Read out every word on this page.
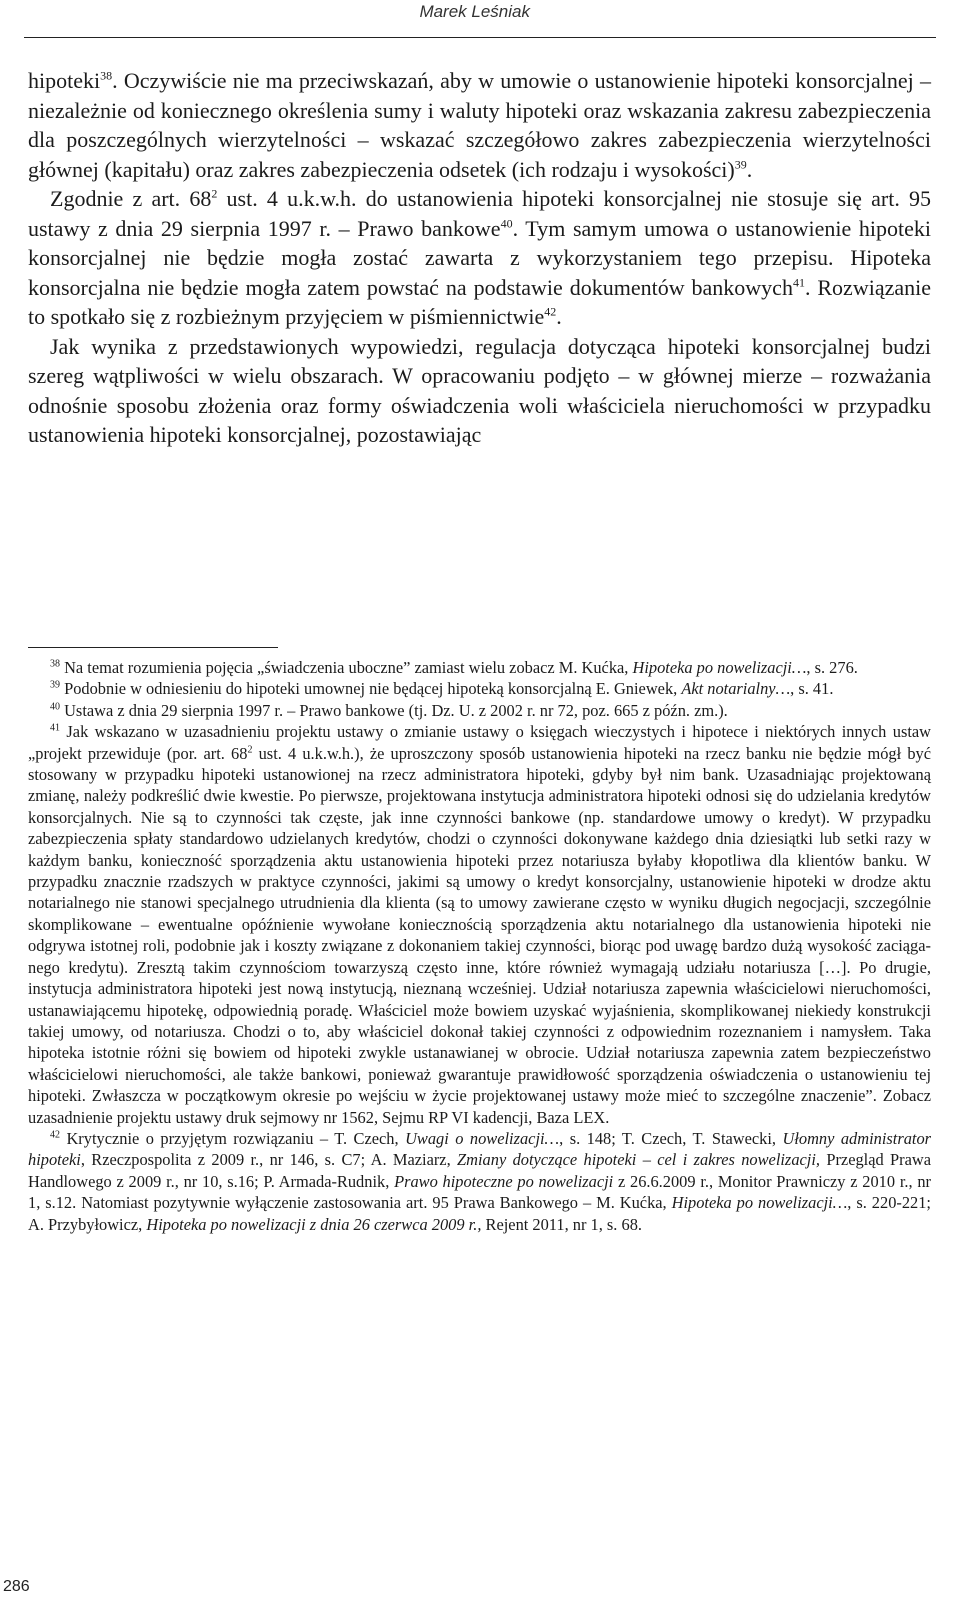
Marek Leśniak

hipoteki$^{38}$. Oczywiście nie ma przeciwskazań, aby w umowie o ustanowienie hipoteki konsorcjalnej – niezależnie od koniecznego określenia sumy i waluty hipoteki oraz wskazania zakresu zabezpieczenia dla poszczególnych wierzytelności – wskazać szczegółowo zakres zabezpieczenia wierzytelności głównej (kapitału) oraz zakres zabezpieczenia odsetek (ich rodzaju i wysokości)$^{39}$.

Zgodnie z art. $68^2$ ust. 4 u.k.w.h. do ustanowienia hipoteki konsorcjalnej nie stosuje się art. 95 ustawy z dnia 29 sierpnia 1997 r. – Prawo bankowe$^{40}$. Tym samym umowa o ustanowienie hipoteki konsorcjalnej nie będzie mogła zostać zawarta z wykorzystaniem tego przepisu. Hipoteka konsorcjalna nie będzie mogła zatem powstać na podstawie dokumentów bankowych$^{41}$. Rozwiązanie to spotkało się z rozbieżnym przyjęciem w piśmiennictwie$^{42}$.

Jak wynika z przedstawionych wypowiedzi, regulacja dotycząca hipoteki konsorcjalnej budzi szereg wątpliwości w wielu obszarach. W opracowaniu podjęto – w głównej mierze – rozważania odnośnie sposobu złożenia oraz formy oświadczenia woli właściciela nieruchomości w przypadku ustanowienia hipoteki konsorcjalnej, pozostawiając

$^{38}$ Na temat rozumienia pojęcia „świadczenia uboczne” zamiast wielu zobacz M. Kućka, Hipoteka po nowelizacji…, s. 276.

$^{39}$ Podobnie w odniesieniu do hipoteki umownej nie będącej hipoteką konsorcjalną E. Gniewek, Akt notarialny…, s. 41.

$^{40}$ Ustawa z dnia 29 sierpnia 1997 r. – Prawo bankowe (tj. Dz. U. z 2002 r. nr 72, poz. 665 z późn. zm.).

$^{41}$ Jak wskazano w uzasadnieniu projektu ustawy o zmianie ustawy o księgach wieczystych i hipotece i niektórych innych ustaw „projekt przewiduje (por. art. $68^2$ ust. 4 u.k.w.h.), że uproszczony sposób ustanowienia hipoteki na rzecz banku nie będzie mógł być stosowany w przypadku hipoteki ustanowionej na rzecz administratora hipoteki, gdyby był nim bank. Uzasadniając projektowaną zmianę, należy podkreślić dwie kwestie. Po pierwsze, projektowana instytucja administratora hipoteki odnosi się do udzielania kredytów konsorcjalnych. Nie są to czynności tak częste, jak inne czynności bankowe (np. standardowe umowy o kredyt). W przypadku zabezpieczenia spłaty standardowo udzielanych kredytów, chodzi o czynności dokonywane każdego dnia dziesiątki lub setki razy w każdym banku, konieczność sporządzenia aktu ustanowienia hipoteki przez notariusza byłaby kłopotliwa dla klientów banku. W przypadku znacznie rzadszych w praktyce czynności, jakimi są umowy o kredyt konsorcjalny, ustanowienie hipoteki w drodze aktu notarialnego nie stanowi specjalnego utrudnienia dla klienta (są to umowy zawierane często w wyniku długich negocjacji, szczególnie skomplikowane – ewentualne opóźnienie wywołane koniecznością sporządzenia aktu notarialnego dla ustanowienia hipoteki nie odgrywa istotnej roli, podobnie jak i koszty związane z dokonaniem takiej czynności, biorąc pod uwagę bardzo dużą wysokość zaciąganego kredytu). Zresztą takim czynnościom towarzyszą często inne, które również wymagają udziału notariusza […]. Po drugie, instytucja administratora hipoteki jest nową instytucją, nieznaną wcześniej. Udział notariusza zapewnia właścicielowi nieruchomości, ustanawiającemu hipotekę, odpowiednią poradę. Właściciel może bowiem uzyskać wyjaśnienia, skomplikowanej niekiedy konstrukcji takiej umowy, od notariusza. Chodzi o to, aby właściciel dokonał takiej czynności z odpowiednim rozeznaniem i namysłem. Taka hipoteka istotnie różni się bowiem od hipoteki zwykle ustanawianej w obrocie. Udział notariusza zapewnia zatem bezpieczeństwo właścicielowi nieruchomości, ale także bankowi, ponieważ gwarantuje prawidłowość sporządzenia oświadczenia o ustanowieniu tej hipoteki. Zwłaszcza w początkowym okresie po wejściu w życie projektowanej ustawy może mieć to szczególne znaczenie”. Zobacz uzasadnienie projektu ustawy druk sejmowy nr 1562, Sejmu RP VI kadencji, Baza LEX.

$^{42}$ Krytycznie o przyjętym rozwiązaniu – T. Czech, Uwagi o nowelizacji…, s. 148; T. Czech, T. Stawecki, Ułomny administrator hipoteki, Rzeczpospolita z 2009 r., nr 146, s. C7; A. Maziarz, Zmiany dotyczące hipoteki – cel i zakres nowelizacji, Przegląd Prawa Handlowego z 2009 r., nr 10, s.16; P. Armada-Rudnik, Prawo hipoteczne po nowelizacji z 26.6.2009 r., Monitor Prawniczy z 2010 r., nr 1, s.12. Natomiast pozytywnie wyłączenie zastosowania art. 95 Prawa Bankowego – M. Kućka, Hipoteka po nowelizacji…, s. 220-221; A. Przybyłowicz, Hipoteka po nowelizacji z dnia 26 czerwca 2009 r., Rejent 2011, nr 1, s. 68.

286
